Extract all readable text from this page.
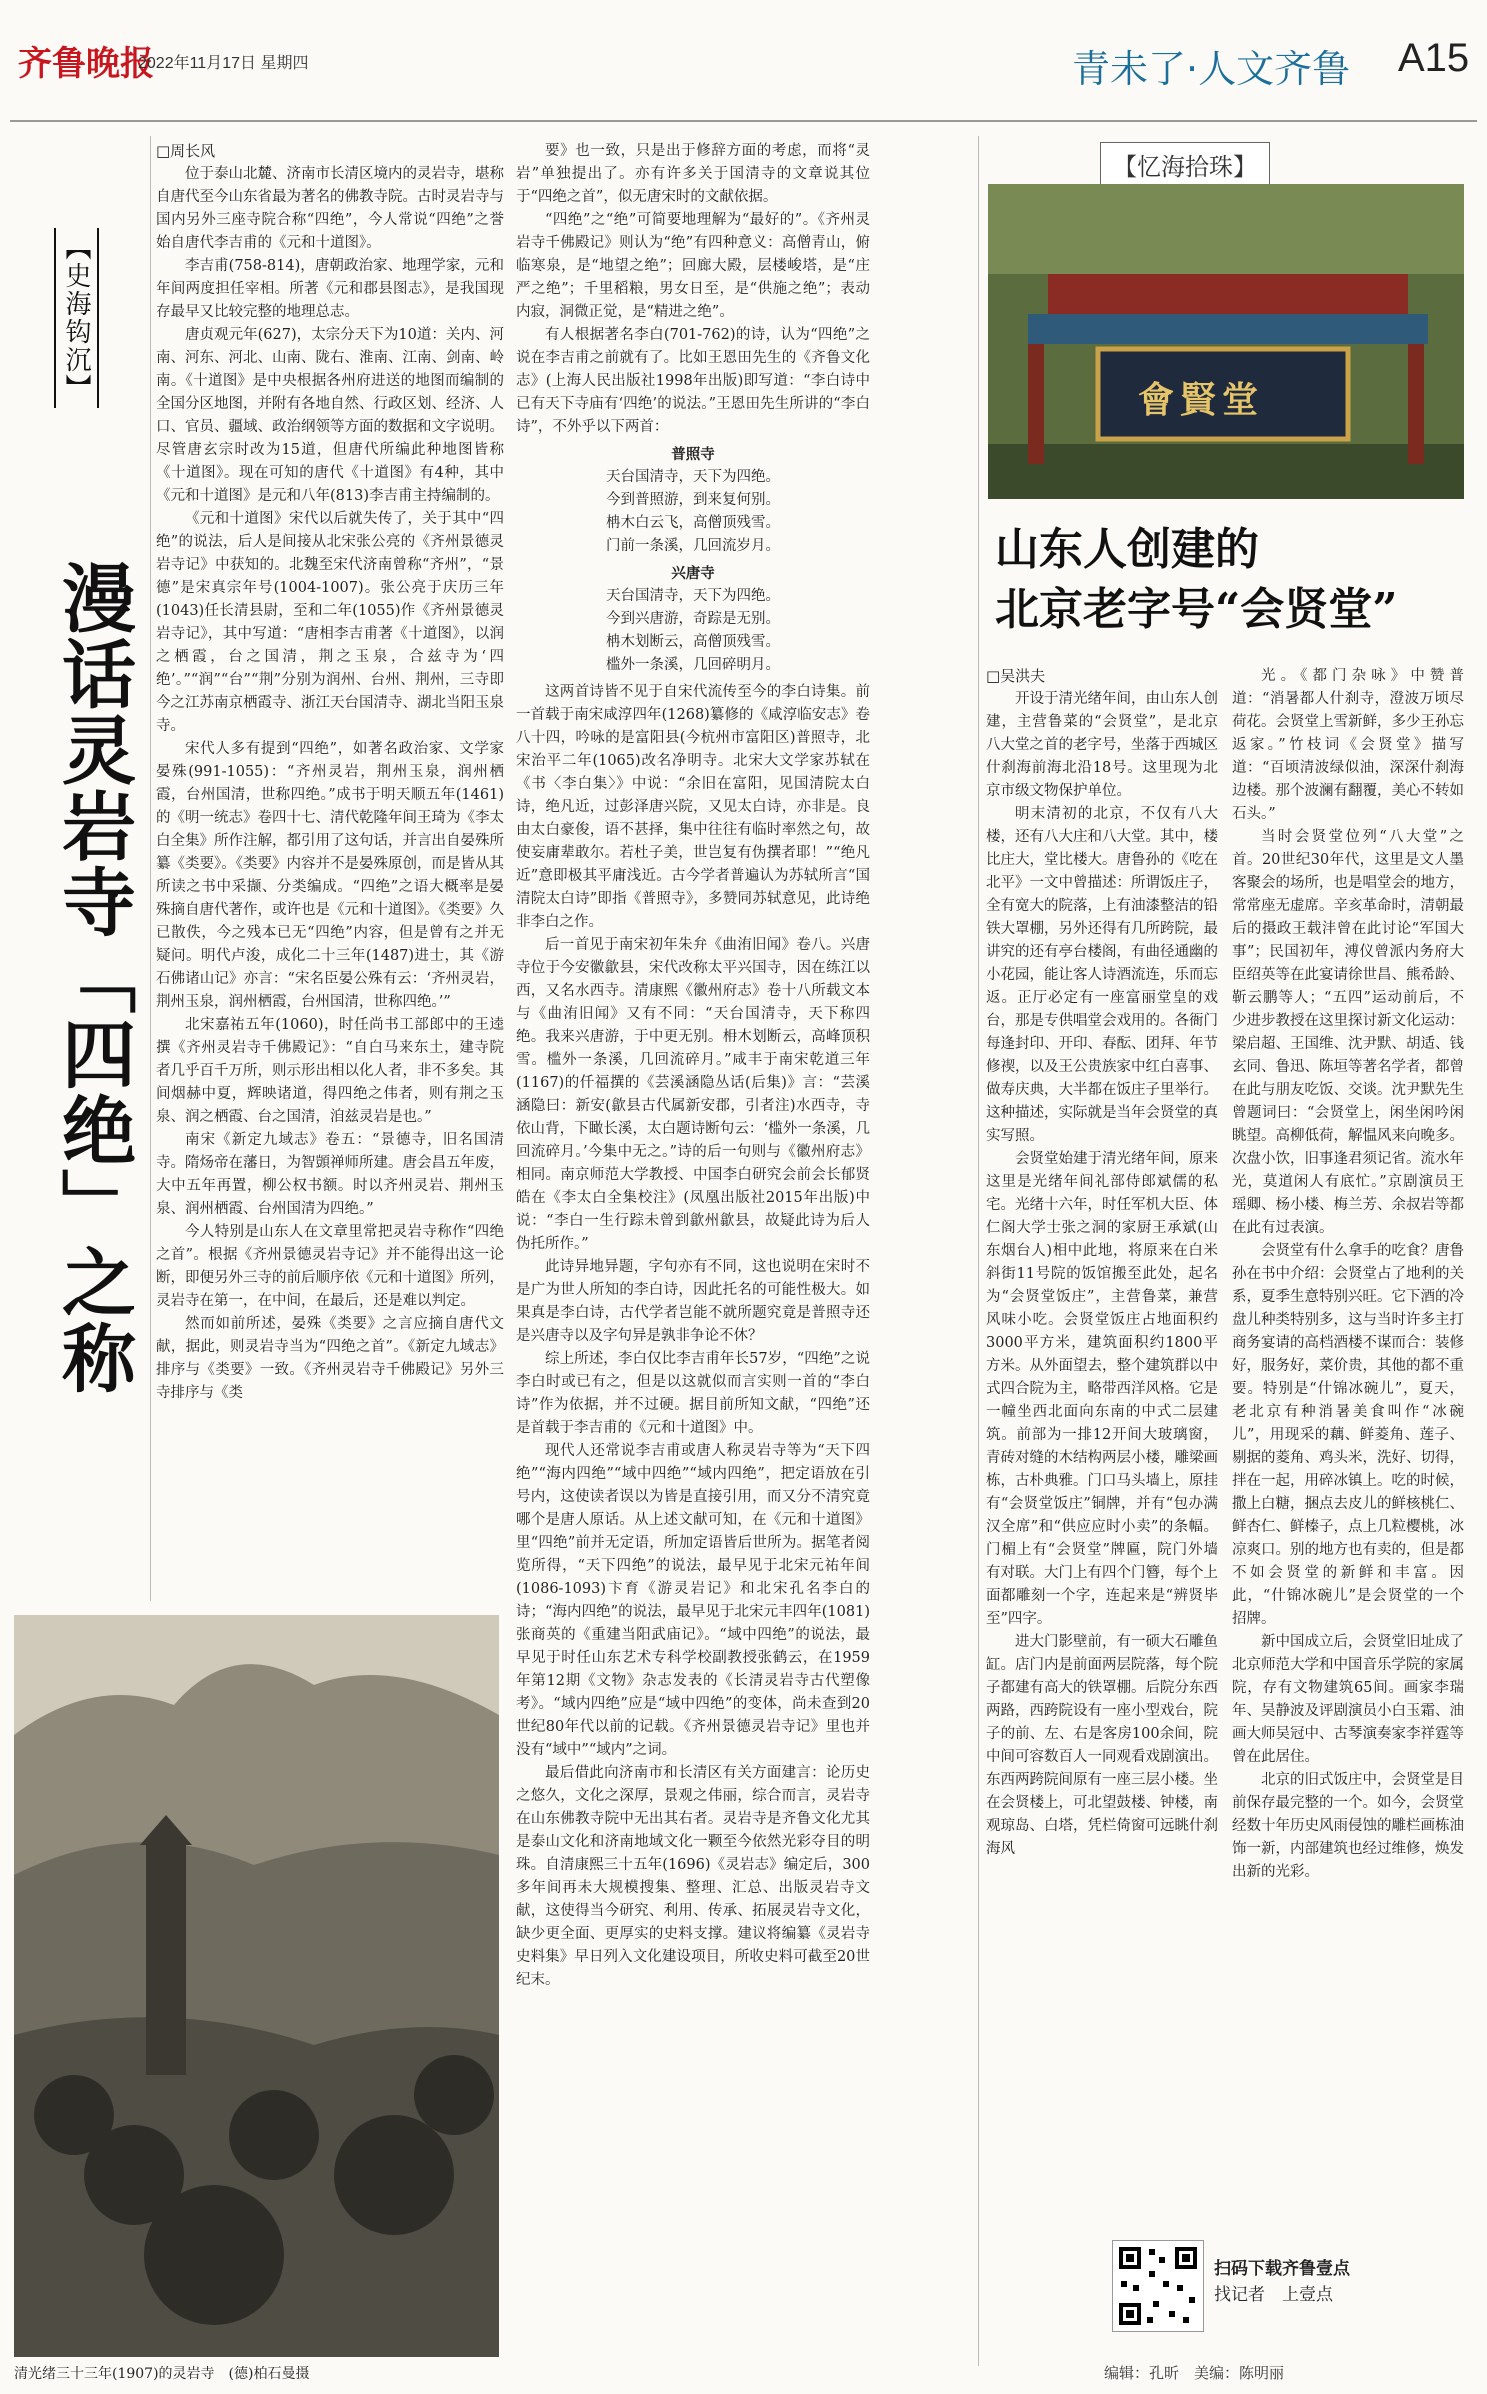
齐鲁晚报
2022年11月17日 星期四	青未了·人文齐鲁 A15
【史海钩沉】
漫话灵岩寺「四绝」之称

□周长风

位于泰山北麓、济南市长清区境内的灵岩寺，堪称自唐代至今山东省最为著名的佛教寺院。古时灵岩寺与国内另外三座寺院合称“四绝”，今人常说“四绝”之誉始自唐代李吉甫的《元和十道图》。

李吉甫(758-814)，唐朝政治家、地理学家，元和年间两度担任宰相。所著《元和郡县图志》，是我国现存最早又比较完整的地理总志。

唐贞观元年(627)，太宗分天下为10道：关内、河南、河东、河北、山南、陇右、淮南、江南、剑南、岭南。《十道图》是中央根据各州府进送的地图而编制的全国分区地图，并附有各地自然、行政区划、经济、人口、官员、疆域、政治纲领等方面的数据和文字说明。尽管唐玄宗时改为15道，但唐代所编此种地图皆称《十道图》。现在可知的唐代《十道图》有4种，其中《元和十道图》是元和八年(813)李吉甫主持编制的。

《元和十道图》宋代以后就失传了，关于其中“四绝”的说法，后人是间接从北宋张公亮的《齐州景德灵岩寺记》中获知的。北魏至宋代济南曾称“齐州”，“景德”是宋真宗年号(1004-1007)。张公亮于庆历三年(1043)任长清县尉，至和二年(1055)作《齐州景德灵岩寺记》，其中写道：“唐相李吉甫著《十道图》，以润之栖霞，台之国清，荆之玉泉，合兹寺为‘四绝’。”“润”“台”“荆”分别为润州、台州、荆州，三寺即今之江苏南京栖霞寺、浙江天台国清寺、湖北当阳玉泉寺。

宋代人多有提到“四绝”，如著名政治家、文学家晏殊(991-1055)：“齐州灵岩，荆州玉泉，润州栖霞，台州国清，世称四绝。”成书于明天顺五年(1461)的《明一统志》卷四十七、清代乾隆年间王琦为《李太白全集》所作注解，都引用了这句话，并言出自晏殊所纂《类要》。《类要》内容并不是晏殊原创，而是皆从其所读之书中采撷、分类编成。“四绝”之语大概率是晏殊摘自唐代著作，或许也是《元和十道图》。《类要》久已散佚，今之残本已无“四绝”内容，但是曾有之并无疑问。明代卢浚，成化二十三年(1487)进士，其《游石佛诸山记》亦言：“宋名臣晏公殊有云：‘齐州灵岩，荆州玉泉，润州栖霞，台州国清，世称四绝。’”

北宋嘉祐五年(1060)，时任尚书工部郎中的王逵撰《齐州灵岩寺千佛殿记》：“自白马来东土，建寺院者几乎百千万所，则示形出相以化人者，非不多矣。其间烟赫中夏，辉映诸道，得四绝之伟者，则有荆之玉泉、润之栖霞、台之国清，洎兹灵岩是也。”

南宋《新定九域志》卷五：“景德寺，旧名国清寺。隋炀帝在藩日，为智顗禅师所建。唐会昌五年废，大中五年再置，柳公权书额。时以齐州灵岩、荆州玉泉、润州栖霞、台州国清为四绝。”

今人特别是山东人在文章里常把灵岩寺称作“四绝之首”。根据《齐州景德灵岩寺记》并不能得出这一论断，即便另外三寺的前后顺序依《元和十道图》所列，灵岩寺在第一，在中间，在最后，还是难以判定。

然而如前所述，晏殊《类要》之言应摘自唐代文献，据此，则灵岩寺当为“四绝之首”。《新定九域志》排序与《类要》一致。《齐州灵岩寺千佛殿记》另外三寺排序与《类

要》也一致，只是出于修辞方面的考虑，而将“灵岩”单独提出了。亦有许多关于国清寺的文章说其位于“四绝之首”，似无唐宋时的文献依据。

“四绝”之“绝”可简要地理解为“最好的”。《齐州灵岩寺千佛殿记》则认为“绝”有四种意义：高僧青山，俯临寒泉，是“地望之绝”；回廊大殿，层楼峻塔，是“庄严之绝”；千里稻粮，男女日至，是“供施之绝”；表动内寂，洞微正觉，是“精进之绝”。

有人根据著名李白(701-762)的诗，认为“四绝”之说在李吉甫之前就有了。比如王恩田先生的《齐鲁文化志》(上海人民出版社1998年出版)即写道：“李白诗中已有天下寺庙有‘四绝’的说法。”王恩田先生所讲的“李白诗”，不外乎以下两首：

普照寺
天台国清寺，天下为四绝。
今到普照游，到来复何别。
柟木白云飞，高僧顶残雪。
门前一条溪，几回流岁月。
兴唐寺
天台国清寺，天下为四绝。
今到兴唐游，奇踪是无别。
柟木划断云，高僧顶残雪。
槛外一条溪，几回碎明月。

这两首诗皆不见于自宋代流传至今的李白诗集。前一首载于南宋咸淳四年(1268)纂修的《咸淳临安志》卷八十四，吟咏的是富阳县(今杭州市富阳区)普照寺，北宋治平二年(1065)改名净明寺。北宋大文学家苏轼在《书〈李白集〉》中说：“余旧在富阳，见国清院太白诗，绝凡近，过彭泽唐兴院，又见太白诗，亦非是。良由太白豪俊，语不甚择，集中往往有临时率然之句，故使妄庸辈敢尔。若杜子美，世岂复有伪撰者耶！”“绝凡近”意即极其平庸浅近。古今学者普遍认为苏轼所言“国清院太白诗”即指《普照寺》，多赞同苏轼意见，此诗绝非李白之作。

后一首见于南宋初年朱弁《曲洧旧闻》卷八。兴唐寺位于今安徽歙县，宋代改称太平兴国寺，因在练江以西，又名水西寺。清康熙《徽州府志》卷十八所载文本与《曲洧旧闻》又有不同：“天台国清寺，天下称四绝。我来兴唐游，于中更无别。枏木划断云，高峰顶积雪。槛外一条溪，几回流碎月。”咸丰于南宋乾道三年(1167)的仟福撰的《芸溪涵隐丛话(后集)》言：“芸溪涵隐曰：新安(歙县古代属新安郡，引者注)水西寺，寺依山背，下瞰长溪，太白题诗断句云：‘槛外一条溪，几回流碎月。’今集中无之。”诗的后一句则与《徽州府志》相同。南京师范大学教授、中国李白研究会前会长郁贤皓在《李太白全集校注》(凤凰出版社2015年出版)中说：“李白一生行踪未曾到歙州歙县，故疑此诗为后人伪托所作。”

此诗异地异题，字句亦有不同，这也说明在宋时不是广为世人所知的李白诗，因此托名的可能性极大。如果真是李白诗，古代学者岂能不就所题究竟是普照寺还是兴唐寺以及字句异是孰非争论不休？

综上所述，李白仅比李吉甫年长57岁，“四绝”之说李白时或已有之，但是以这就似而言实则一首的“李白诗”作为依据，并不过硬。据目前所知文献，“四绝”还是首载于李吉甫的《元和十道图》中。

现代人还常说李吉甫或唐人称灵岩寺等为“天下四绝”“海内四绝”“域中四绝”“域内四绝”，把定语放在引号内，这使读者误以为皆是直接引用，而又分不清究竟哪个是唐人原话。从上述文献可知，在《元和十道图》里“四绝”前并无定语，所加定语皆后世所为。据笔者阅览所得，“天下四绝”的说法，最早见于北宋元祐年间(1086-1093)卞育《游灵岩记》和北宋孔名李白的诗；“海内四绝”的说法，最早见于北宋元丰四年(1081)张商英的《重建当阳武庙记》。“域中四绝”的说法，最早见于时任山东艺术专科学校副教授张鹤云，在1959年第12期《文物》杂志发表的《长清灵岩寺古代塑像考》。“域内四绝”应是“域中四绝”的变体，尚未查到20世纪80年代以前的记载。《齐州景德灵岩寺记》里也并没有“域中”“域内”之词。

最后借此向济南市和长清区有关方面建言：论历史之悠久，文化之深厚，景观之伟丽，综合而言，灵岩寺在山东佛教寺院中无出其右者。灵岩寺是齐鲁文化尤其是泰山文化和济南地域文化一颗至今依然光彩夺目的明珠。自清康熙三十五年(1696)《灵岩志》编定后，300多年间再未大规模搜集、整理、汇总、出版灵岩寺文献，这使得当今研究、利用、传承、拓展灵岩寺文化，缺少更全面、更厚实的史料支撑。建议将编纂《灵岩寺史料集》早日列入文化建设项目，所收史料可截至20世纪末。

清光绪三十三年(1907)的灵岩寺　(德)柏石曼摄
【忆海拾珠】
會賢堂
山东人创建的
北京老字号“会贤堂”

□吴洪夫

开设于清光绪年间，由山东人创建，主营鲁菜的“会贤堂”，是北京八大堂之首的老字号，坐落于西城区什刹海前海北沿18号。这里现为北京市级文物保护单位。

明末清初的北京，不仅有八大楼，还有八大庄和八大堂。其中，楼比庄大，堂比楼大。唐鲁孙的《吃在北平》一文中曾描述：所谓饭庄子，全有宽大的院落，上有油漆整洁的铅铁大罩棚，另外还得有几所跨院，最讲究的还有亭台楼阁，有曲径通幽的小花园，能让客人诗酒流连，乐而忘返。正厅必定有一座富丽堂皇的戏台，那是专供唱堂会戏用的。各衙门每逢封印、开印、春酝、团拜、年节修禊，以及王公贵族家中红白喜事、做寿庆典，大半都在饭庄子里举行。这种描述，实际就是当年会贤堂的真实写照。

会贤堂始建于清光绪年间，原来这里是光绪年间礼部侍郎斌儒的私宅。光绪十六年，时任军机大臣、体仁阁大学士张之洞的家厨王承斌(山东烟台人)相中此地，将原来在白米斜街11号院的饭馆搬至此处，起名为“会贤堂饭庄”，主营鲁菜，兼营风味小吃。会贤堂饭庄占地面积约3000平方米，建筑面积约1800平方米。从外面望去，整个建筑群以中式四合院为主，略带西洋风格。它是一幢坐西北面向东南的中式二层建筑。前部为一排12开间大玻璃窗，青砖对缝的木结构两层小楼，雕梁画栋，古朴典雅。门口马头墙上，原挂有“会贤堂饭庄”铜牌，并有“包办满汉全席”和“供应应时小卖”的条幅。门楣上有“会贤堂”牌匾，院门外墙有对联。大门上有四个门簪，每个上面都雕刻一个字，连起来是“辨贤毕至”四字。

进大门影壁前，有一硕大石雕鱼缸。店门内是前面两层院落，每个院子都建有高大的铁罩棚。后院分东西两路，西跨院设有一座小型戏台，院子的前、左、右是客房100余间，院中间可容数百人一同观看戏剧演出。东西两跨院间原有一座三层小楼。坐在会贤楼上，可北望鼓楼、钟楼，南观琼岛、白塔，凭栏倚窗可远眺什刹海风

光。《都门杂咏》中赞普道：“消暑都人什刹寺，澄波万顷尽荷花。会贤堂上雪新鲜，多少王孙忘返家。”竹枝词《会贤堂》描写道：“百顷清波绿似油，深深什刹海边楼。那个波澜有翻覆，美心不转如石头。”

当时会贤堂位列“八大堂”之首。20世纪30年代，这里是文人墨客聚会的场所，也是唱堂会的地方，常常座无虚席。辛亥革命时，清朝最后的摄政王载沣曾在此讨论“军国大事”；民国初年，溥仪曾派内务府大臣绍英等在此宴请徐世昌、熊希龄、靳云鹏等人；“五四”运动前后，不少进步教授在这里探讨新文化运动：梁启超、王国维、沈尹默、胡适、钱玄同、鲁迅、陈垣等著名学者，都曾在此与朋友吃饭、交谈。沈尹默先生曾题词曰：“会贤堂上，闲坐闲吟闲眺望。高柳低荷，解愠风来向晚多。次盘小饮，旧事逢君须记省。流水年光，莫道闲人有底忙。”京剧演员王瑶卿、杨小楼、梅兰芳、余叔岩等都在此有过表演。

会贤堂有什么拿手的吃食？唐鲁孙在书中介绍：会贤堂占了地利的关系，夏季生意特别兴旺。它下酒的冷盘儿种类特别多，这与当时许多主打商务宴请的高档酒楼不谋而合：装修好，服务好，菜价贵，其他的都不重要。特别是“什锦冰碗儿”，夏天，老北京有种消暑美食叫作“冰碗儿”，用现采的藕、鲜菱角、莲子、剔据的菱角、鸡头米，洗好、切得，拌在一起，用碎冰镇上。吃的时候，撒上白糖，捆点去皮儿的鲜核桃仁、鲜杏仁、鲜榛子，点上几粒樱桃，冰凉爽口。别的地方也有卖的，但是都不如会贤堂的新鲜和丰富。因此，“什锦冰碗儿”是会贤堂的一个招牌。

新中国成立后，会贤堂旧址成了北京师范大学和中国音乐学院的家属院，存有文物建筑65间。画家李瑞年、吴静波及评剧演员小白玉霜、油画大师吴冠中、古琴演奏家李祥霆等曾在此居住。

北京的旧式饭庄中，会贤堂是目前保存最完整的一个。如今，会贤堂经数十年历史风雨侵蚀的雕栏画栋油饰一新，内部建筑也经过维修，焕发出新的光彩。

扫码下载齐鲁壹点
找记者　上壹点
编辑：孔昕　美编：陈明丽
